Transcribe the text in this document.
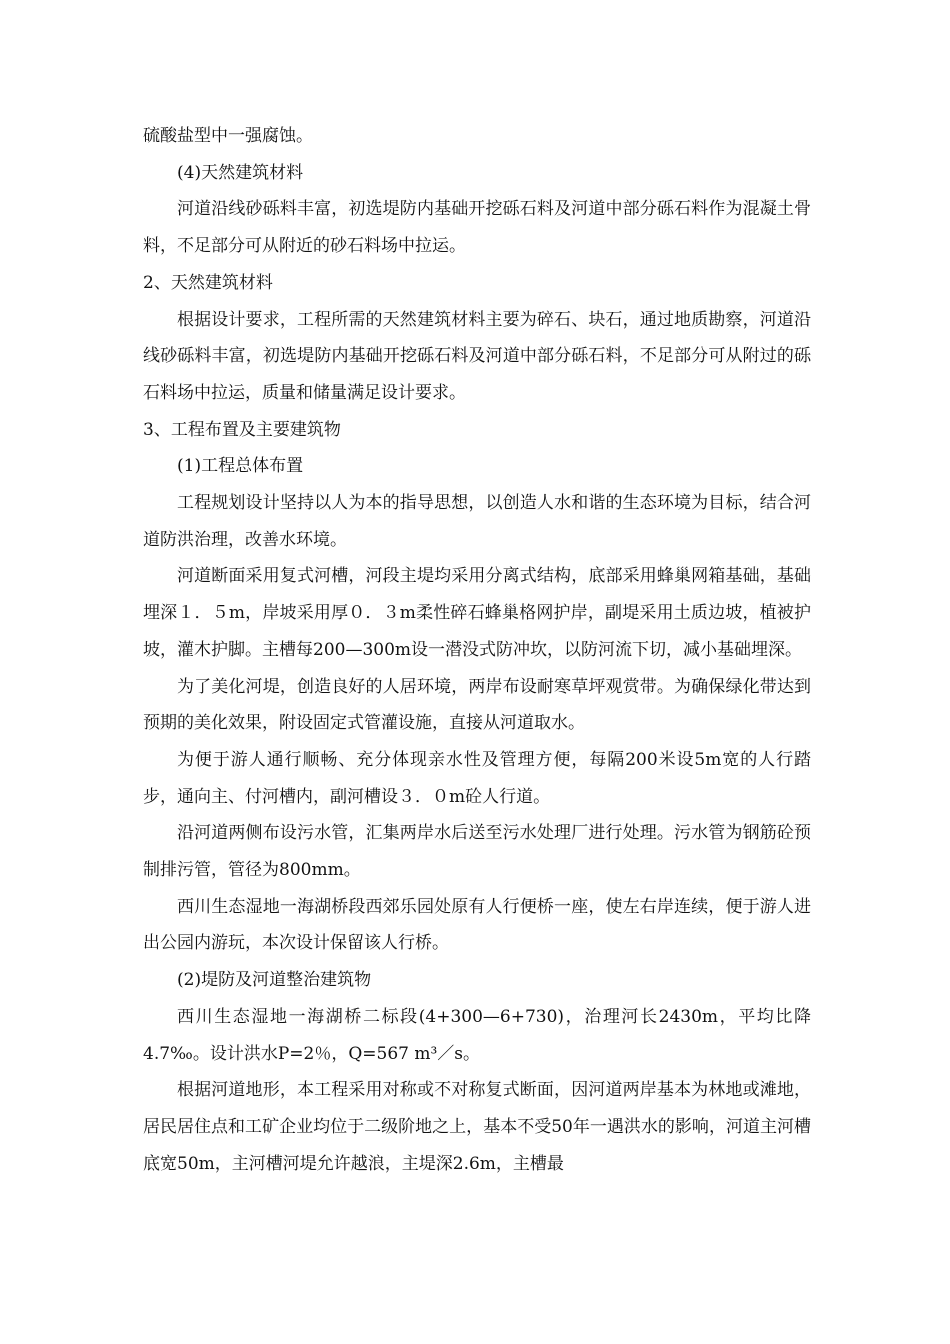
硫酸盐型中一强腐蚀。

(4)天然建筑材料

河道沿线砂砾料丰富，初选堤防内基础开挖砾石料及河道中部分砾石料作为混凝土骨料，不足部分可从附近的砂石料场中拉运。

2、天然建筑材料

根据设计要求，工程所需的天然建筑材料主要为碎石、块石，通过地质勘察，河道沿线砂砾料丰富，初选堤防内基础开挖砾石料及河道中部分砾石料，不足部分可从附过的砾石料场中拉运，质量和储量满足设计要求。

3、工程布置及主要建筑物

(1)工程总体布置

工程规划设计坚持以人为本的指导思想，以创造人水和谐的生态环境为目标，结合河道防洪治理，改善水环境。

河道断面采用复式河槽，河段主堤均采用分离式结构，底部采用蜂巢网箱基础，基础埋深１．５m，岸坡采用厚０．３m柔性碎石蜂巢格网护岸，副堤采用土质边坡，植被护坡，灌木护脚。主槽每200—300m设一潜没式防冲坎，以防河流下切，减小基础埋深。

为了美化河堤，创造良好的人居环境，两岸布设耐寒草坪观赏带。为确保绿化带达到预期的美化效果，附设固定式管灌设施，直接从河道取水。

为便于游人通行顺畅、充分体现亲水性及管理方便，每隔200米设5m宽的人行踏步，通向主、付河槽内，副河槽设３．０m砼人行道。

沿河道两侧布设污水管，汇集两岸水后送至污水处理厂进行处理。污水管为钢筋砼预制排污管，管径为800mm。

西川生态湿地一海湖桥段西郊乐园处原有人行便桥一座，使左右岸连续，便于游人进出公园内游玩，本次设计保留该人行桥。

(2)堤防及河道整治建筑物

西川生态湿地一海湖桥二标段(4+300—6+730)，治理河长2430m，平均比降4.7‰。设计洪水P=2％，Q=567 m³／s。

根据河道地形，本工程采用对称或不对称复式断面，因河道两岸基本为林地或滩地，居民居住点和工矿企业均位于二级阶地之上，基本不受50年一遇洪水的影响，河道主河槽底宽50m，主河槽河堤允许越浪，主堤深2.6m，主槽最
